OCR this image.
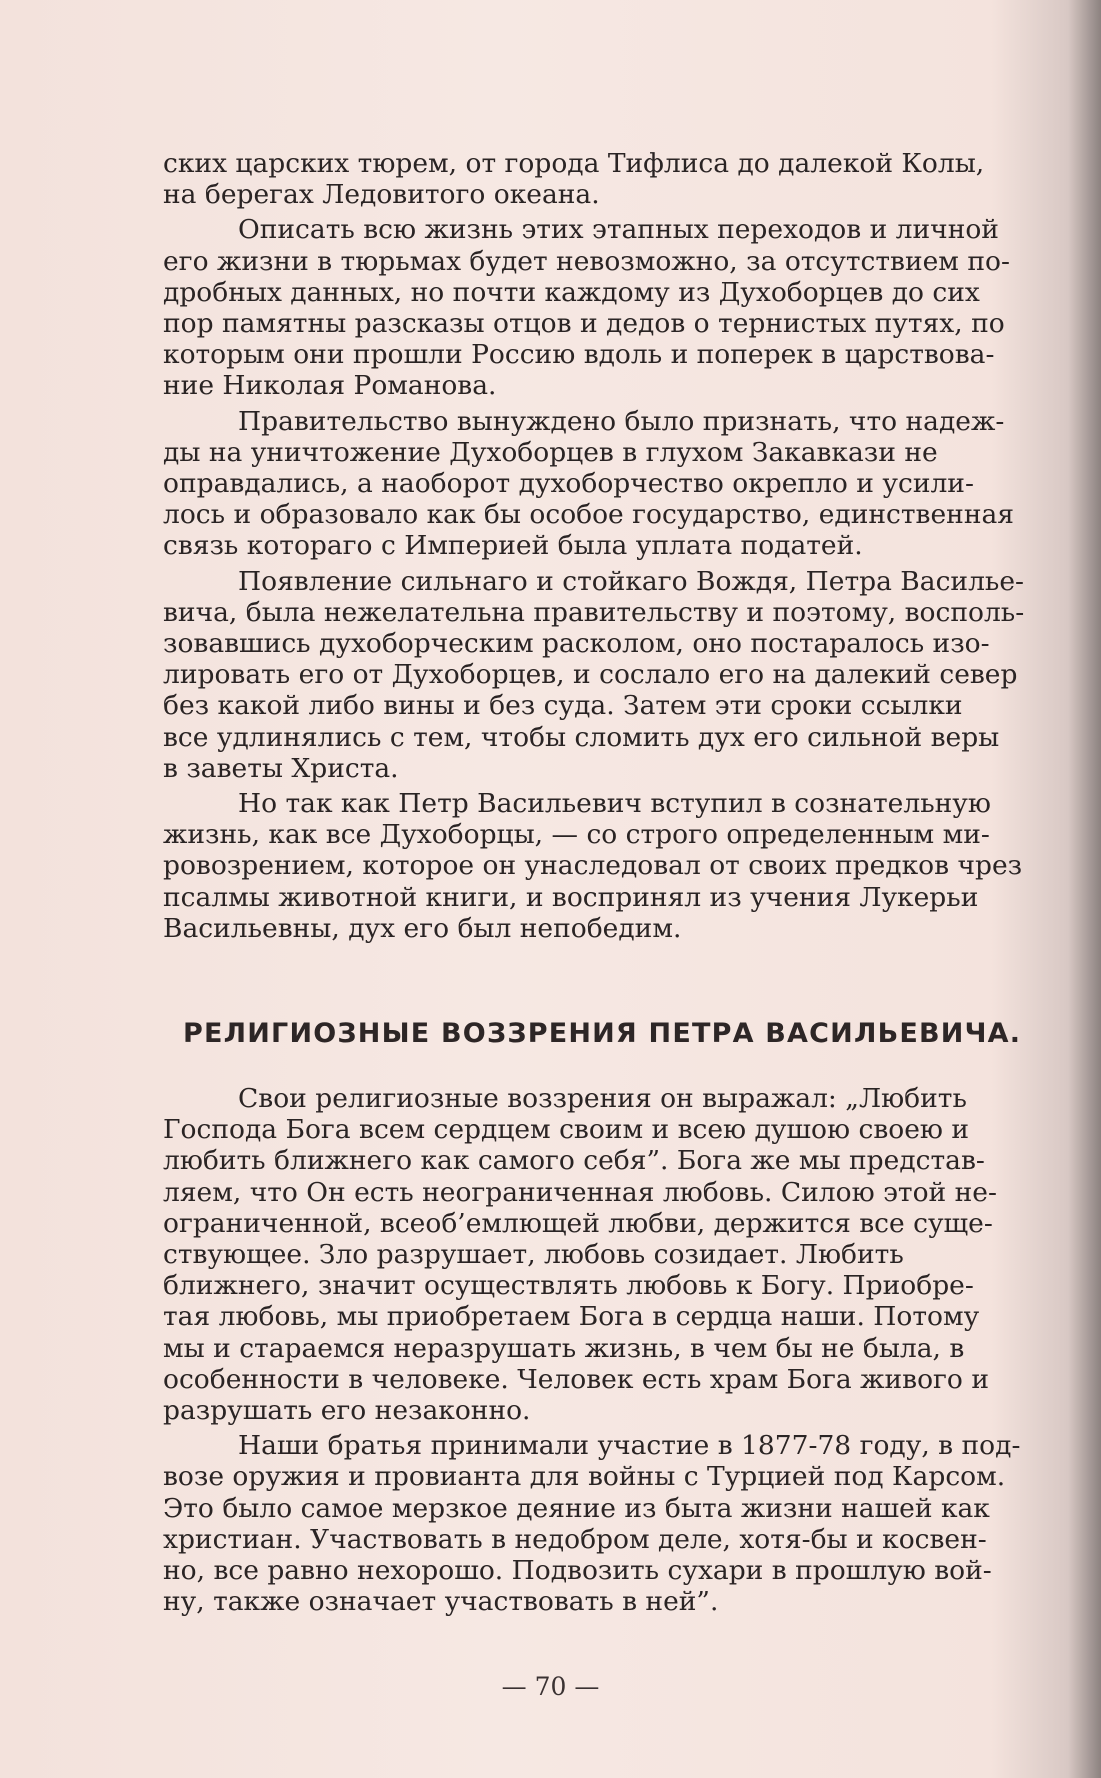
ских царских тюрем, от города Тифлиса до далекой Колы,
на берегах Ледовитого океана.

Описать всю жизнь этих этапных переходов и личной
его жизни в тюрьмах будет невозможно, за отсутствием по-
дробных данных, но почти каждому из Духоборцев до сих
пор памятны разсказы отцов и дедов о тернистых путях, по
которым они прошли Россию вдоль и поперек в царствова-
ние Николая Романова.

Правительство вынуждено было признать, что надеж-
ды на уничтожение Духоборцев в глухом Закавкази не
оправдались, а наоборот духоборчество окрепло и усили-
лось и образовало как бы особое государство, единственная
связь котораго с Империей была уплата податей.

Появление сильнаго и стойкаго Вождя, Петра Василье-
вича, была нежелательна правительству и поэтому, восполь-
зовавшись духоборческим расколом, оно постаралось изо-
лировать его от Духоборцев, и сослало его на далекий север
без какой либо вины и без суда. Затем эти сроки ссылки
все удлинялись с тем, чтобы сломить дух его сильной веры
в заветы Христа.

Но так как Петр Васильевич вступил в сознательную
жизнь, как все Духоборцы, — со строго определенным ми-
ровозрением, которое он унаследовал от своих предков чрез
псалмы животной книги, и воспринял из учения Лукерьи
Васильевны, дух его был непобедим.

РЕЛИГИОЗНЫЕ ВОЗЗРЕНИЯ ПЕТРА ВАСИЛЬЕВИЧА.

Свои религиозные воззрения он выражал: „Любить
Господа Бога всем сердцем своим и всею душою своею и
любить ближнего как самого себя”. Бога же мы представ-
ляем, что Он есть неограниченная любовь. Силою этой не-
ограниченной, всеоб’емлющей любви, держится все суще-
ствующее. Зло разрушает, любовь созидает. Любить
ближнего, значит осуществлять любовь к Богу. Приобре-
тая любовь, мы приобретаем Бога в сердца наши. Потому
мы и стараемся неразрушать жизнь, в чем бы не была, в
особенности в человеке. Человек есть храм Бога живого и
разрушать его незаконно.

Наши братья принимали участие в 1877-78 году, в под-
возе оружия и провианта для войны с Турцией под Карсом.
Это было самое мерзкое деяние из быта жизни нашей как
христиан. Участвовать в недобром деле, хотя-бы и косвен-
но, все равно нехорошо. Подвозить сухари в прошлую вой-
ну, также означает участвовать в ней”.

— 70 —
